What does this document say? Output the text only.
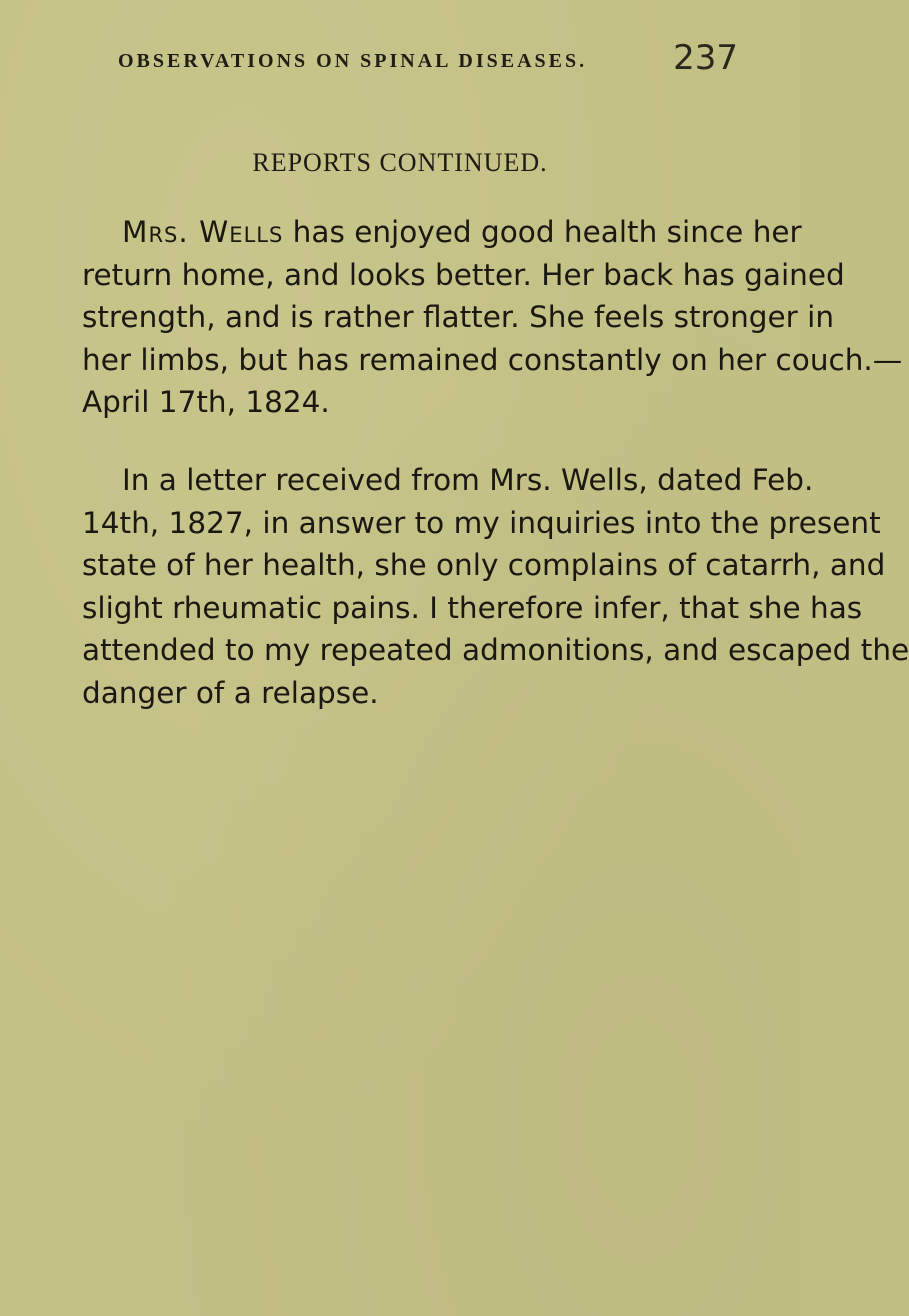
OBSERVATIONS ON SPINAL DISEASES.	237
REPORTS CONTINUED.

Mrs. Wells has enjoyed good health since her
return home, and looks better. Her back has gained
strength, and is rather flatter. She feels stronger in
her limbs, but has remained constantly on her couch.—
April 17th, 1824.

In a letter received from Mrs. Wells, dated Feb.
14th, 1827, in answer to my inquiries into the present
state of her health, she only complains of catarrh, and
slight rheumatic pains. I therefore infer, that she has
attended to my repeated admonitions, and escaped the
danger of a relapse.
